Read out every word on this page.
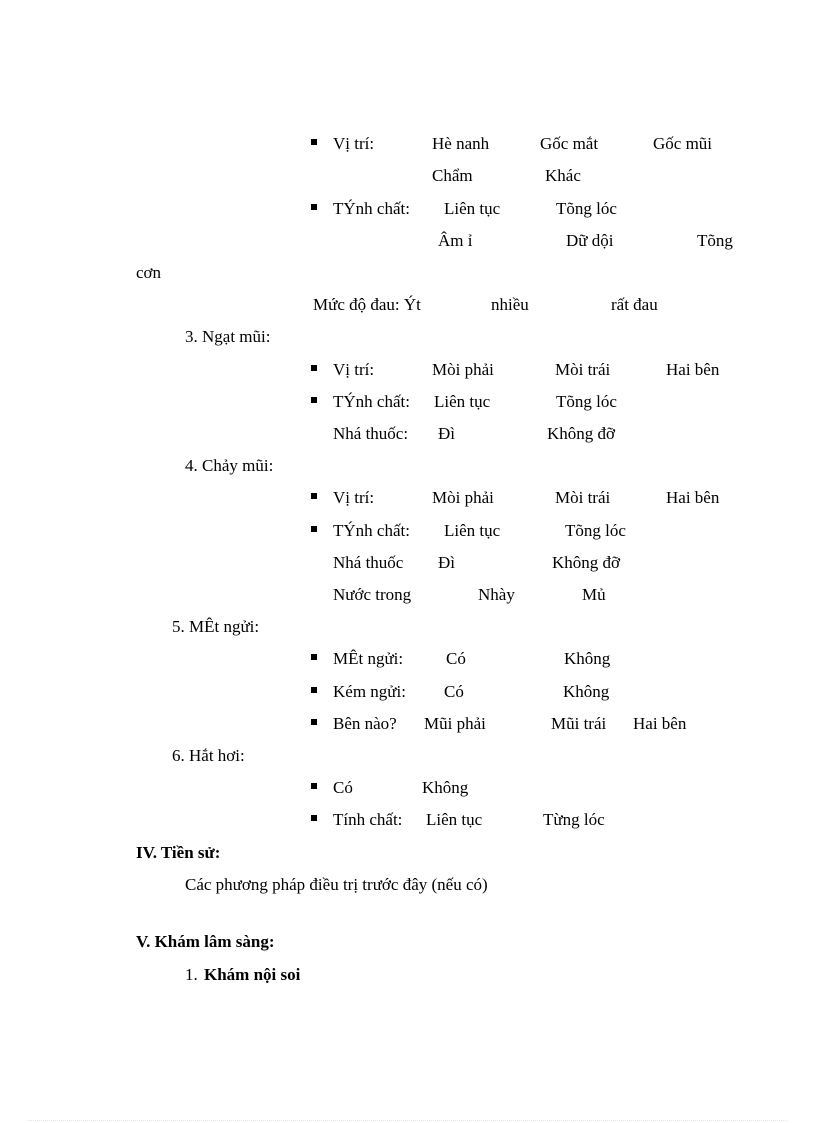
Vị trí:	Hè nanh	Gốc mắt	Gốc mũi
Chẩm	Khác
TÝnh chất: Liên tục	Tõng lóc
Âm ỉ	Dữ dội	Tõng
cơn
Mức độ đau: Ýt	nhiều	rất đau
3. Ngạt mũi:
Vị trí:	Mòi phải	Mòi trái	Hai bên
TÝnh chất: Liên tục	Tõng lóc
Nhá thuốc: Đì	Không đỡ
4. Chảy mũi:
Vị trí:	Mòi phải	Mòi trái	Hai bên
TÝnh chất: Liên tục	Tõng lóc
Nhá thuốc Đì	Không đỡ
Nước trong	Nhày	Mủ
5. MÊt ngửi:
MÊt ngửi:	Có	Không
Kém ngửi: Có	Không
Bên nào? Mũi phải	Mũi trái Hai bên
6. Hắt hơi:
Có	Không
Tính chất: Liên tục	Từng lóc
IV. Tiền sử:
Các phương pháp điều trị trước đây (nếu có)
V. Khám lâm sàng:
1. Khám nội soi
